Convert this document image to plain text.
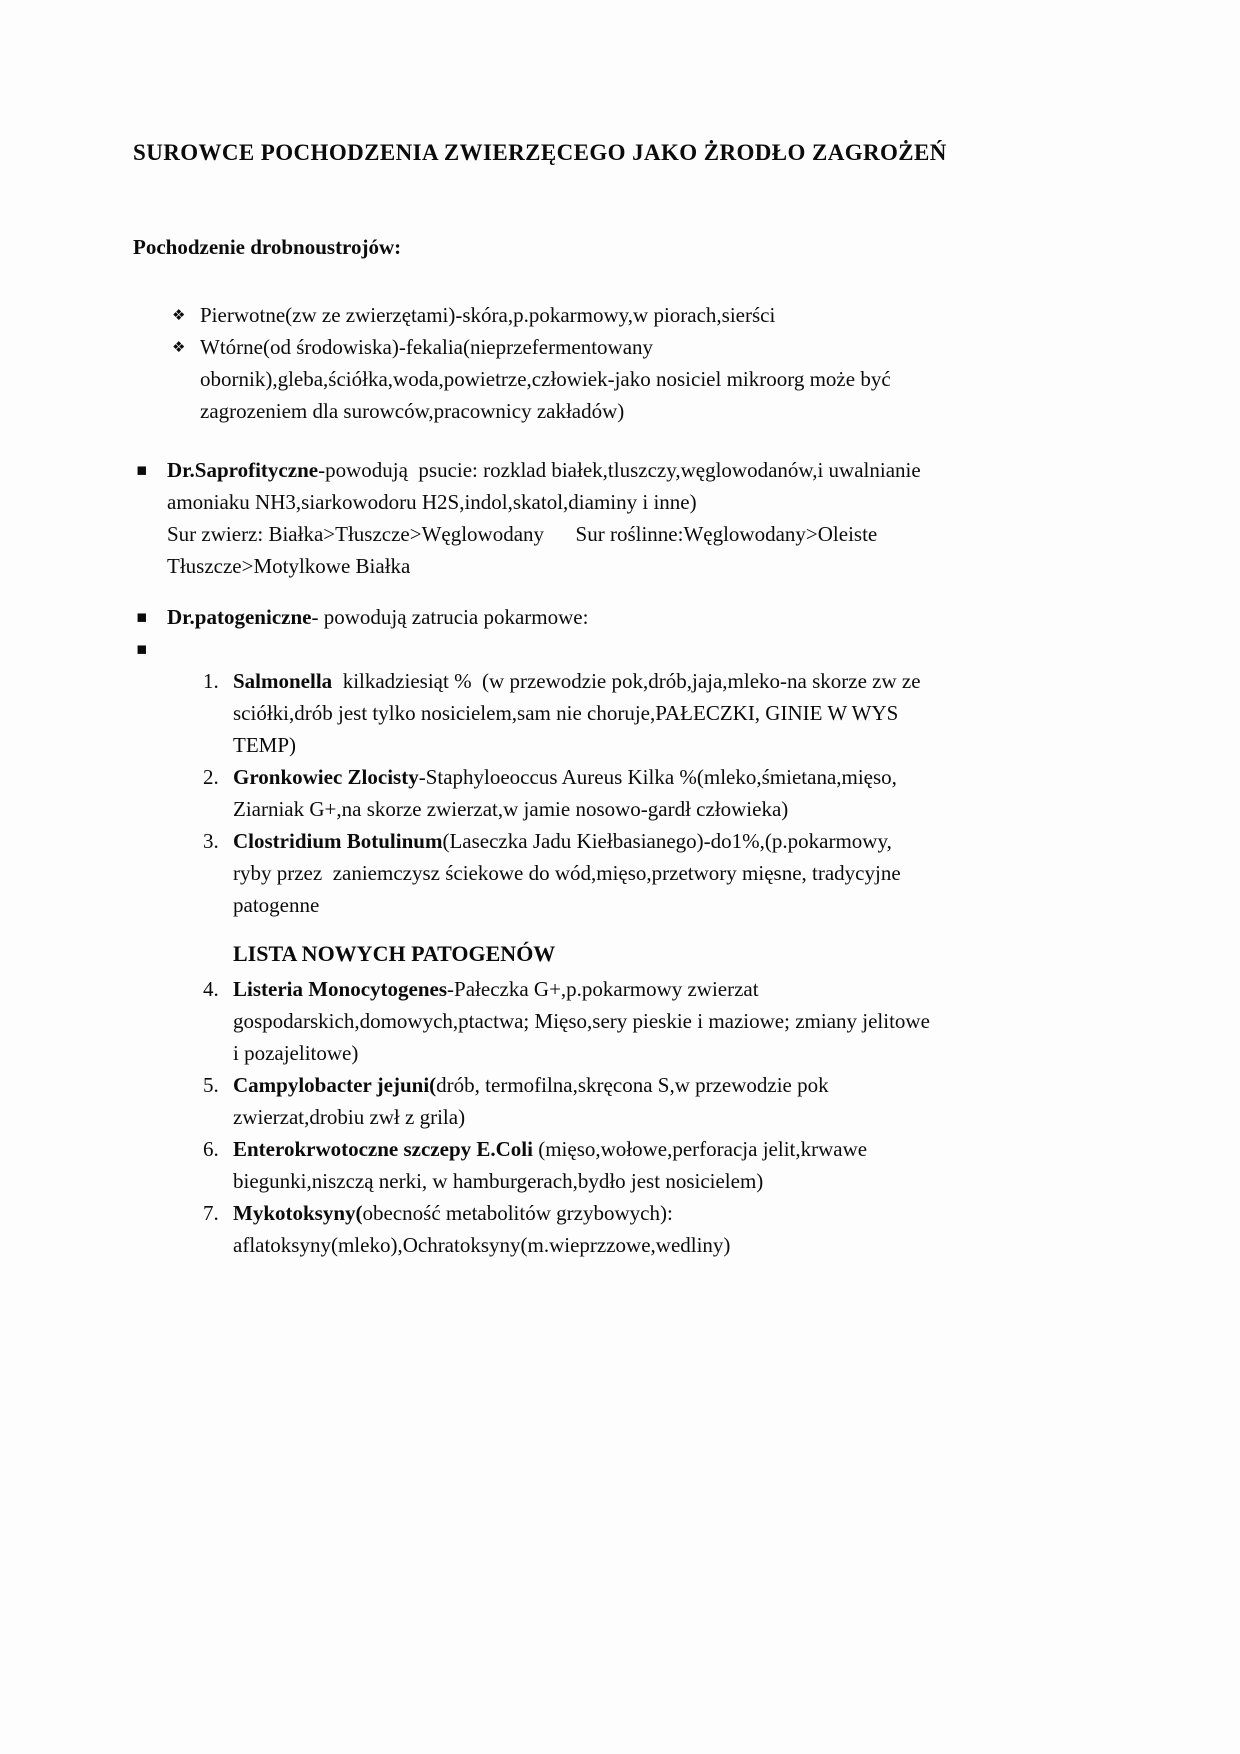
SUROWCE POCHODZENIA ZWIERZĘCEGO JAKO ŻRODŁO ZAGROŻEŃ
Pochodzenie drobnoustrojów:
❖ Pierwotne(zw ze zwierzętami)-skóra,p.pokarmowy,w piorach,sierści
❖ Wtórne(od środowiska)-fekalia(nieprzefermentowany
obornik),gleba,ściółka,woda,powietrze,człowiek-jako nosiciel mikroorg może być
zagrozeniem dla surowców,pracownicy zakładów)
▪ Dr.Saprofityczne-powodują  psucie: rozklad białek,tluszczy,węglowodanów,i uwalnianie
amoniaku NH3,siarkowodoru H2S,indol,skatol,diaminy i inne)
Sur zwierz: Białka>Tłuszcze>Węglowodany      Sur roślinne:Węglowodany>Oleiste
Tłuszcze>Motylkowe Białka
▪ Dr.patogeniczne- powodują zatrucia pokarmowe:
▪
1. Salmonella  kilkadziesiąt %  (w przewodzie pok,drób,jaja,mleko-na skorze zw ze
sciółki,drób jest tylko nosicielem,sam nie choruje,PAŁECZKI, GINIE W WYS
TEMP)
2. Gronkowiec Zlocisty-Staphyloeoccus Aureus Kilka %(mleko,śmietana,mięso,
Ziarniak G+,na skorze zwierzat,w jamie nosowo-gardł człowieka)
3. Clostridium Botulinum(Laseczka Jadu Kiełbasianego)-do1%,(p.pokarmowy,
ryby przez  zaniemczysz ściekowe do wód,mięso,przetwory mięsne, tradycyjne
patogenne
LISTA NOWYCH PATOGENÓW
4. Listeria Monocytogenes-Pałeczka G+,p.pokarmowy zwierzat
gospodarskich,domowych,ptactwa; Mięso,sery pieskie i maziowe; zmiany jelitowe
i pozajelitowe)
5. Campylobacter jejuni(drób, termofilna,skręcona S,w przewodzie pok
zwierzat,drobiu zwł z grila)
6. Enterokrwotoczne szczepy E.Coli (mięso,wołowe,perforacja jelit,krwawe
biegunki,niszczą nerki, w hamburgerach,bydło jest nosicielem)
7. Mykotoksyny(obecność metabolitów grzybowych):
aflatoksyny(mleko),Ochratoksyny(m.wieprzzowe,wedliny)
